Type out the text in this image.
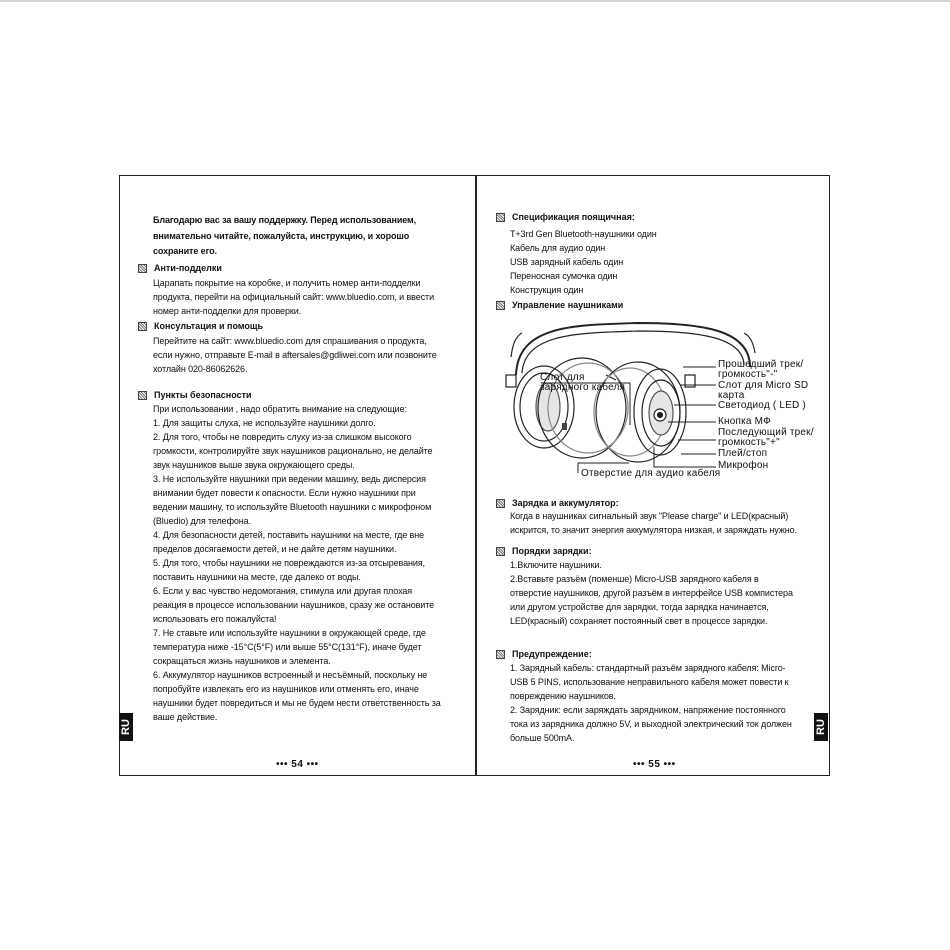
Благодарю вас за вашу поддержку. Перед использованием,
внимательно читайте, пожалуйста, инструкцию, и хорошо
сохраните его.
Анти-подделки
Царапать покрытие на коробке, и получить номер анти-подделки
продукта, перейти на официальный сайт: www.bluedio.com, и ввести
номер анти-подделки для проверки.
Консультация и помощь
Перейтите на сайт: www.bluedio.com для спрашивания о продукта,
если нужно, отправьте E-mail в aftersales@gdliwei.com или позвоните
хотлайн 020-86062626.
Пункты безопасности
При использовании , надо обратить внимание на следующие:
1. Для защиты слуха, не используйте наушники долго.
2. Для того, чтобы не повредить слуху из-за слишком высокого
громкости, контролируйте звук наушников рационально, не делайте
звук наушников выше звука окружающего среды.
3. Не используйте наушники при ведении машину, ведь дисперсия
внимании будет повести к опасности. Если нужно наушники при
ведении машину, то используйте Bluetooth наушники с микрофоном
(Bluedio) для телефона.
4. Для безопасности детей, поставить наушники на месте, где вне
пределов досягаемости детей, и не дайте детям наушники.
5. Для того, чтобы наушники не повреждаются из-за отсыревания,
поставить наушники на месте, где далеко от воды.
6. Если у вас чувство недомогания, стимула или другая плохая
реакция в процессе использовании наушников, сразу же остановите
использовать его пожалуйста!
7. Не ставьте или используйте наушники в окружающей среде, где
температура ниже -15°C(5°F) или выше 55°C(131°F), иначе будет
сокращаться жизнь наушников и элемента.
6. Аккумулятор наушников встроенный и несъёмный, поскольку не
попробуйте извлекать его из наушников или отменять его, иначе
наушники будет повредиться и мы не будем нести ответственность за
ваше действие.
RU
••• 54 •••
Спецификация поящичная:
T+3rd Gen Bluetooth-наушники один
Кабель для аудио один
USB зарядный кабель один
Переносная сумочка один
Конструкция один
Управление наушниками
Слот для
зарядного кабеля
Прошедший трек/
громкость"-"
Слот для Micro SD
карта
Светодиод ( LED )
Кнопка МФ
Последующий трек/
громкость"+"
Плей/стоп
Микрофон
Отверстие для аудио кабеля
Зарядка и аккумулятор:
Когда в наушниках сигнальный звук "Please charge" и LED(красный)
искрится, то значит энергия аккумулятора низкая, и заряждать нужно.
Порядки зарядки:
1.Включите наушники.
2.Вставьте разъём (поменше) Micro-USB зарядного кабеля в
отверстие наушников, другой разъём в интерфейсе USB компистера
или другом устройстве для зарядки, тогда зарядка начинается,
LED(красный) сохраняет постоянный свет в процессе зарядки.
Предупреждение:
1. Зарядный кабель: стандартный разъём зарядного кабеля: Micro-
USB 5 PINS, использование неправильного кабеля может повести к
повреждению наушников.
2. Зарядник: если заряждать зарядником, напряжение постоянного
тока из зарядника должно 5V, и выходной электрический ток должен
больше 500mA.
RU
••• 55 •••
